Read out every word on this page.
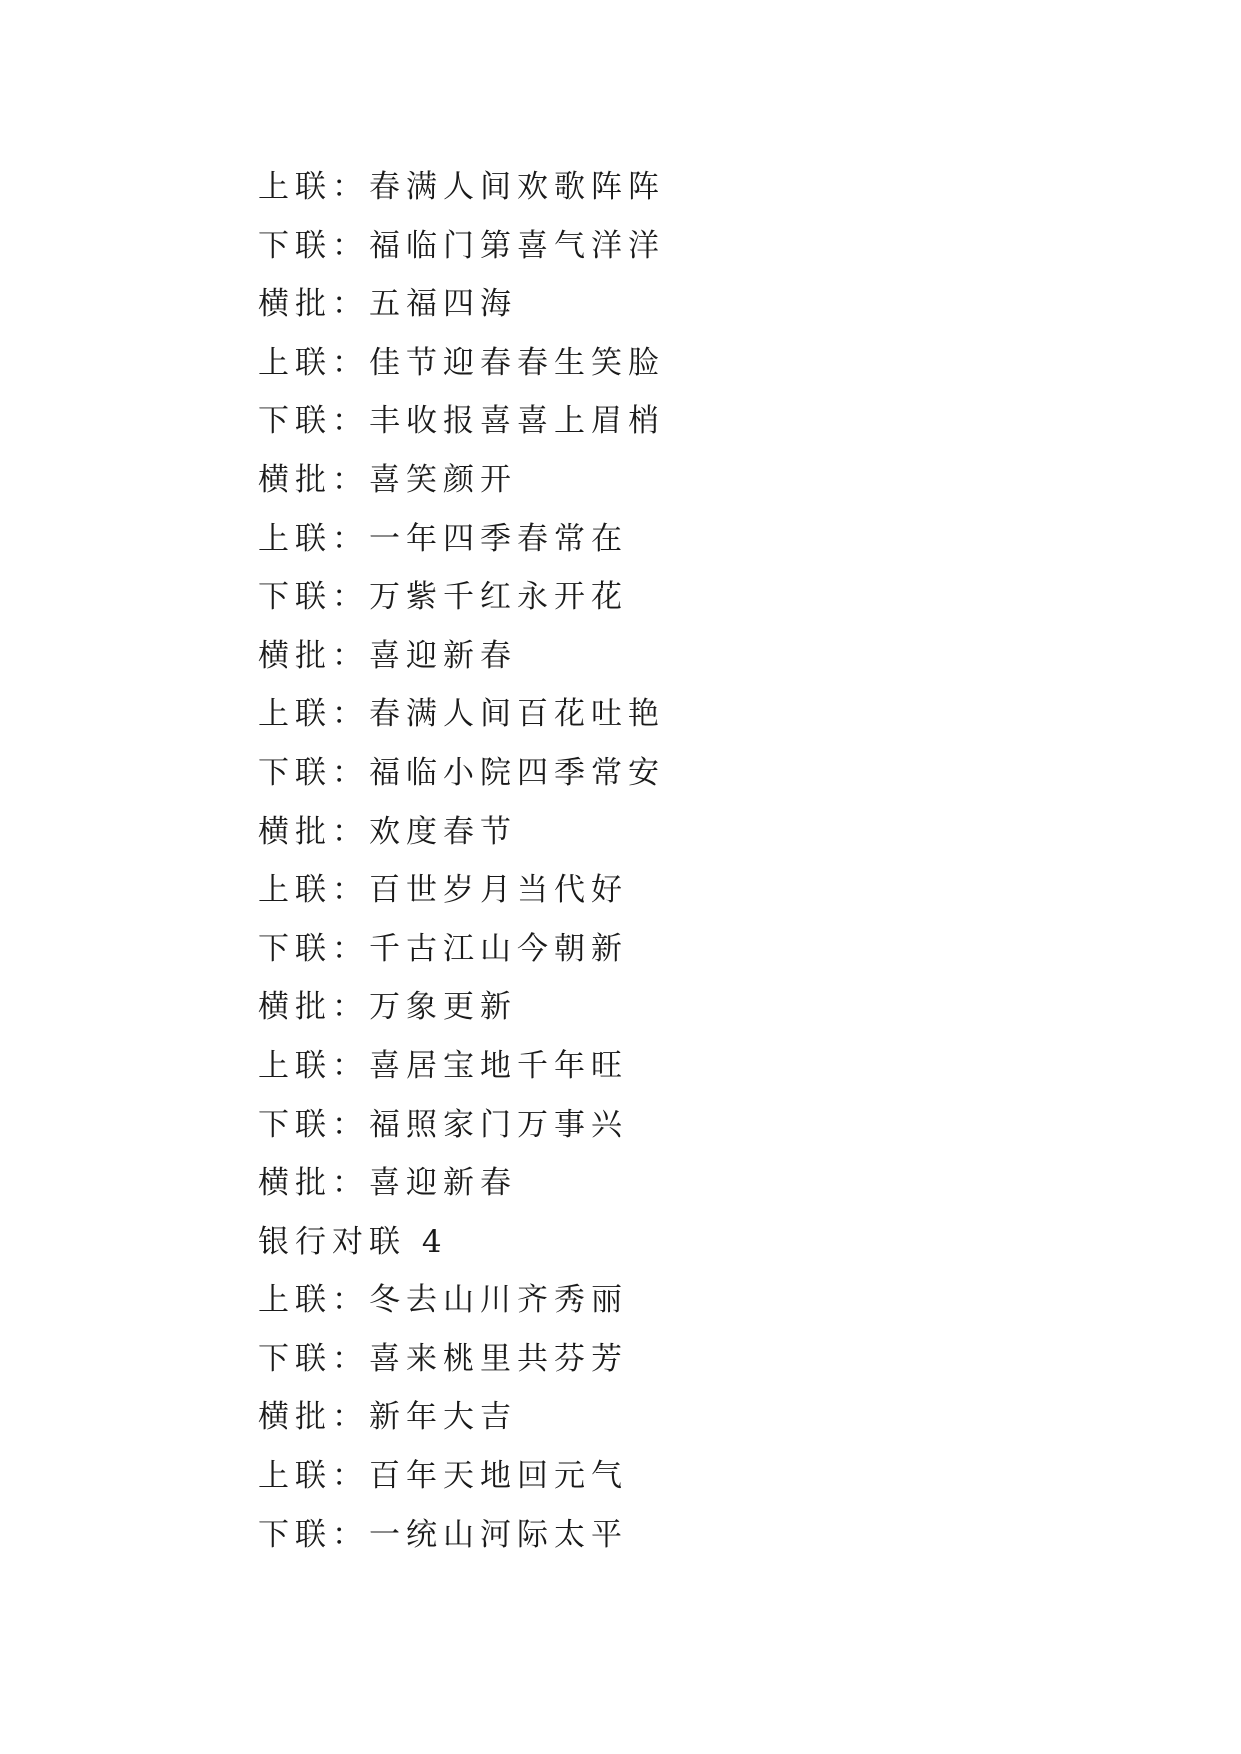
上联：春满人间欢歌阵阵
下联：福临门第喜气洋洋
横批：五福四海
上联：佳节迎春春生笑脸
下联：丰收报喜喜上眉梢
横批：喜笑颜开
上联：一年四季春常在
下联：万紫千红永开花
横批：喜迎新春
上联：春满人间百花吐艳
下联：福临小院四季常安
横批：欢度春节
上联：百世岁月当代好
下联：千古江山今朝新
横批：万象更新
上联：喜居宝地千年旺
下联：福照家门万事兴
横批：喜迎新春
银行对联 4
上联：冬去山川齐秀丽
下联：喜来桃里共芬芳
横批：新年大吉
上联：百年天地回元气
下联：一统山河际太平
